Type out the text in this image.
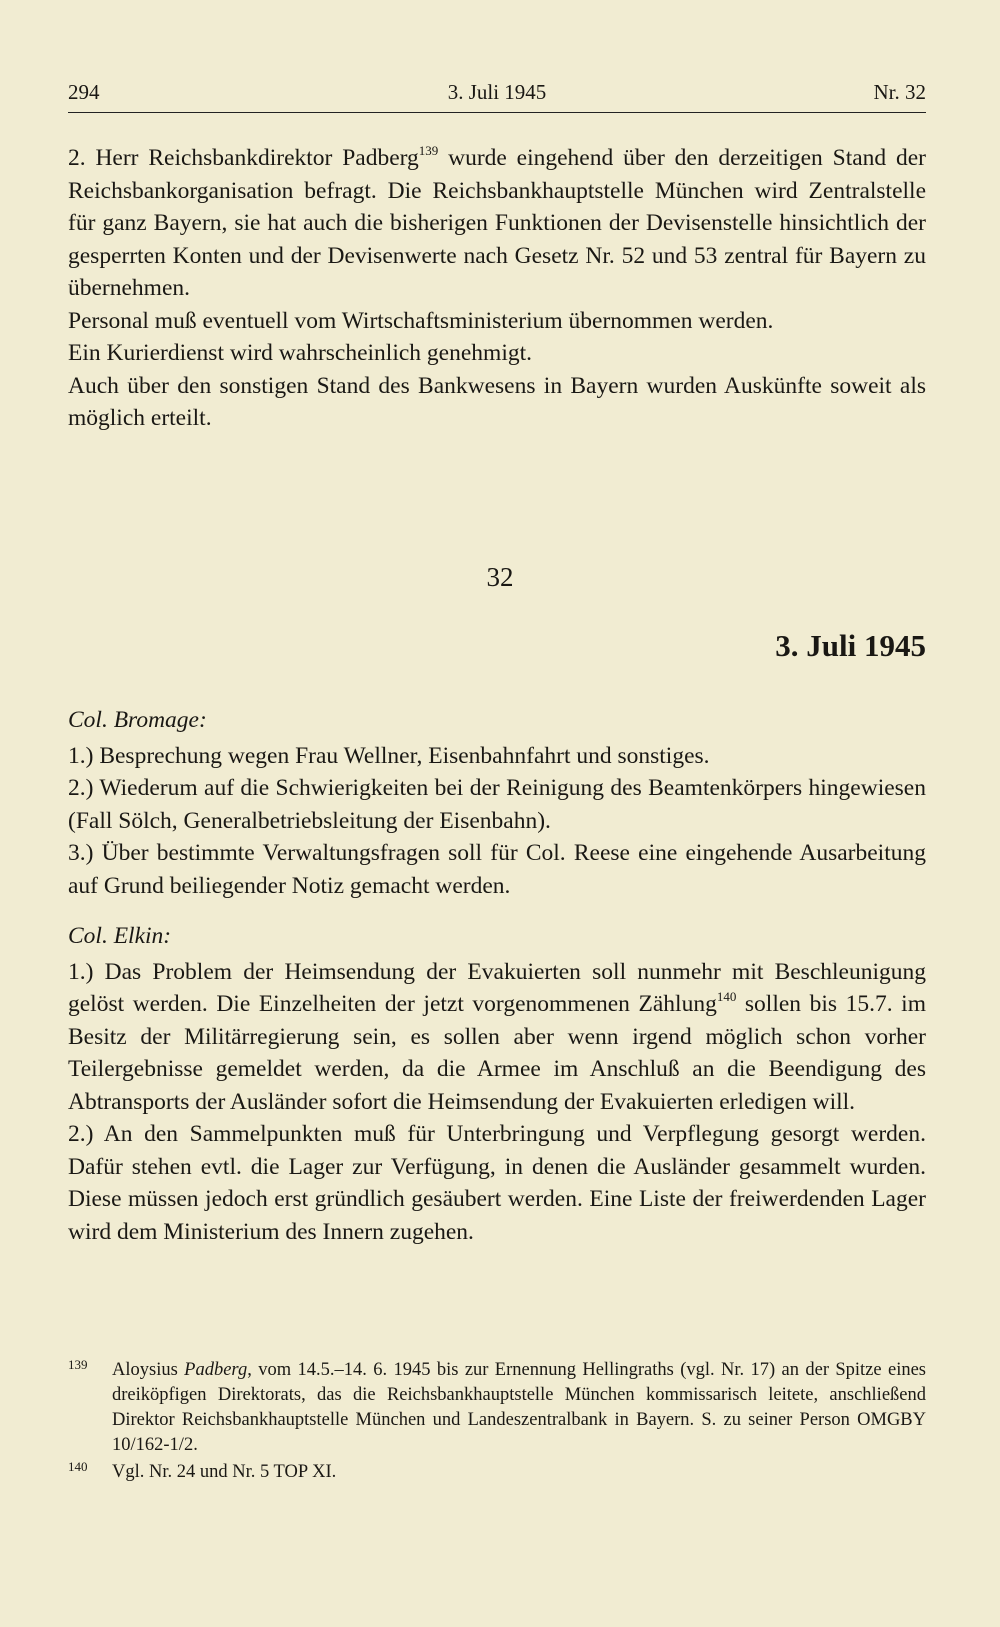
294	3. Juli 1945	Nr. 32

2. Herr Reichsbankdirektor Padberg$^{139}$ wurde eingehend über den derzeitigen Stand der Reichsbankorganisation befragt. Die Reichsbankhauptstelle München wird Zentralstelle für ganz Bayern, sie hat auch die bisherigen Funktionen der Devisenstelle hinsichtlich der gesperrten Konten und der Devisenwerte nach Gesetz Nr. 52 und 53 zentral für Bayern zu übernehmen.

Personal muß eventuell vom Wirtschaftsministerium übernommen werden.

Ein Kurierdienst wird wahrscheinlich genehmigt.

Auch über den sonstigen Stand des Bankwesens in Bayern wurden Auskünfte soweit als möglich erteilt.

32
3. Juli 1945

Col. Bromage:

1.) Besprechung wegen Frau Wellner, Eisenbahnfahrt und sonstiges.

2.) Wiederum auf die Schwierigkeiten bei der Reinigung des Beamtenkörpers hingewiesen (Fall Sölch, Generalbetriebsleitung der Eisenbahn).

3.) Über bestimmte Verwaltungsfragen soll für Col. Reese eine eingehende Ausarbeitung auf Grund beiliegender Notiz gemacht werden.

Col. Elkin:

1.) Das Problem der Heimsendung der Evakuierten soll nunmehr mit Beschleunigung gelöst werden. Die Einzelheiten der jetzt vorgenommenen Zählung$^{140}$ sollen bis 15.7. im Besitz der Militärregierung sein, es sollen aber wenn irgend möglich schon vorher Teilergebnisse gemeldet werden, da die Armee im Anschluß an die Beendigung des Abtransports der Ausländer sofort die Heimsendung der Evakuierten erledigen will.

2.) An den Sammelpunkten muß für Unterbringung und Verpflegung gesorgt werden. Dafür stehen evtl. die Lager zur Verfügung, in denen die Ausländer gesammelt wurden. Diese müssen jedoch erst gründlich gesäubert werden. Eine Liste der freiwerdenden Lager wird dem Ministerium des Innern zugehen.

139 Aloysius Padberg, vom 14.5.–14. 6. 1945 bis zur Ernennung Hellingraths (vgl. Nr. 17) an der Spitze eines dreiköpfigen Direktorats, das die Reichsbankhauptstelle München kommissarisch leitete, anschließend Direktor Reichsbankhauptstelle München und Landeszentralbank in Bayern. S. zu seiner Person OMGBY 10/162-1/2.

140 Vgl. Nr. 24 und Nr. 5 TOP XI.
